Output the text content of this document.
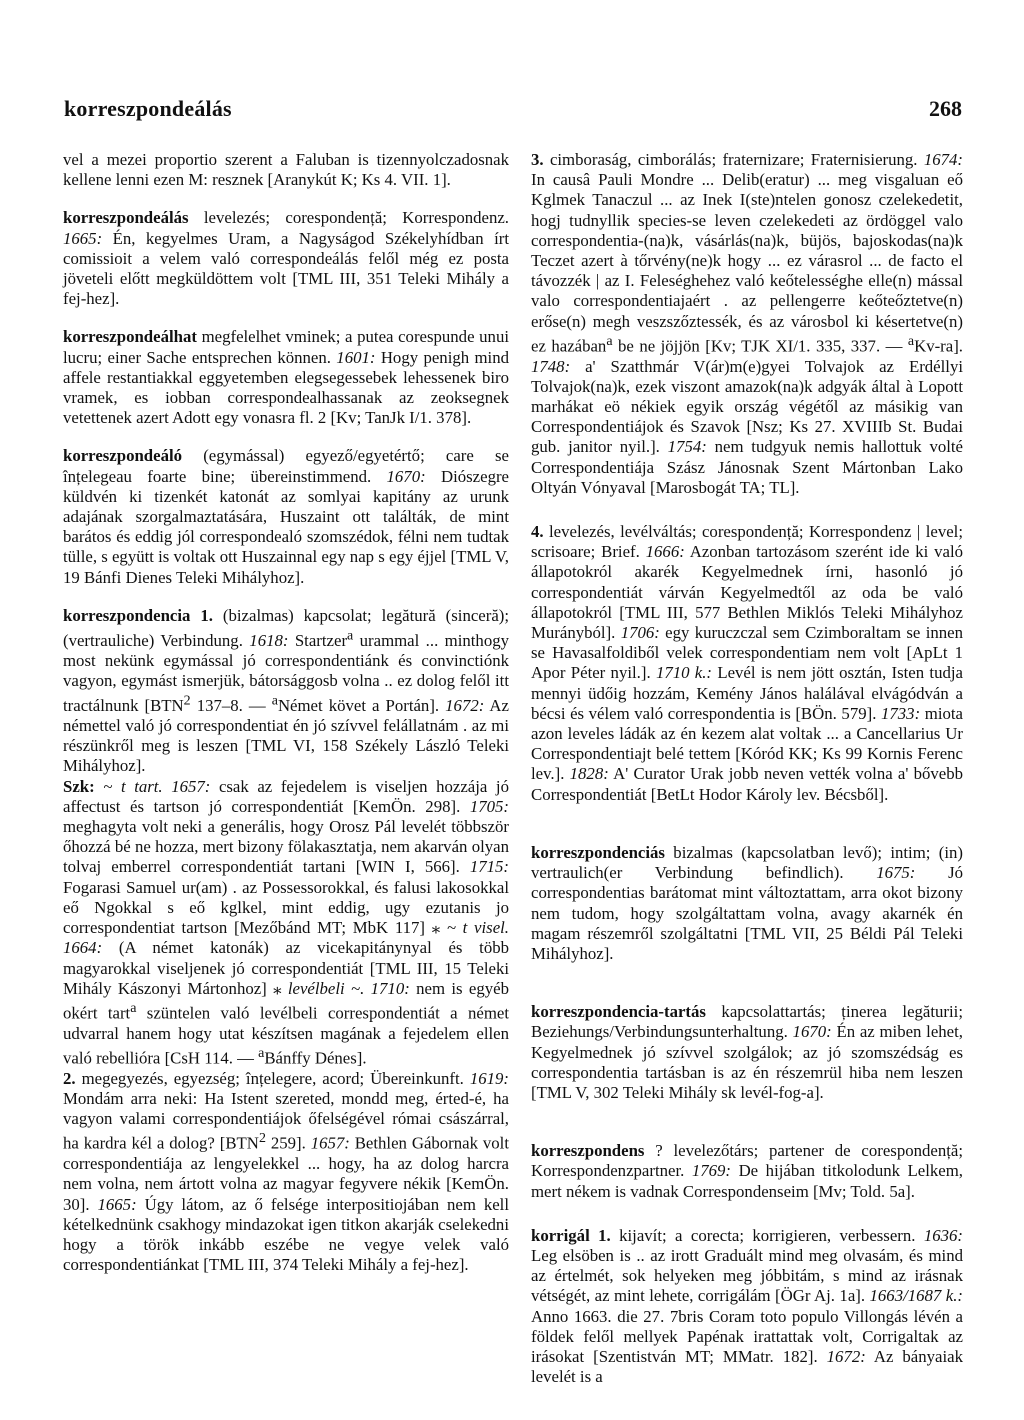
korreszpondeálás	268

vel a mezei proportio szerent a Faluban is tizennyolczadosnak kellene lenni ezen M: resznek [Aranykút K; Ks 4. VII. 1].

korreszpondeálás levelezés; corespondență; Korrespondenz. 1665: Én, kegyelmes Uram, a Nagyságod Székelyhídban írt comissioit a velem való correspondeálás felől még ez posta jöveteli előtt megküldöttem volt [TML III, 351 Teleki Mihály a fej-hez].

korreszpondeálhat megfelelhet vminek; a putea corespunde unui lucru; einer Sache entsprechen können. 1601: Hogy penigh mind affele restantiakkal eggyetemben elegsegessebek lehessenek biro vramek, es iobban correspondealhassanak az zeoksegnek vetettenek azert Adott egy vonasra fl. 2 [Kv; TanJk I/1. 378].

korreszpondeáló (egymással) egyező/egyetértő; care se înțelegeau foarte bine; übereinstimmend. 1670: Diószegre küldvén ki tizenkét katonát az somlyai kapitány az urunk adajának szorgalmaztatására, Huszaint ott találták, de mint barátos és eddig jól correspondealó szomszédok, félni nem tudtak tülle, s együtt is voltak ott Huszainnal egy nap s egy éjjel [TML V, 19 Bánfi Dienes Teleki Mihályhoz].

korreszpondencia 1. (bizalmas) kapcsolat; legătură (sinceră); (vertrauliche) Verbindung. 1618: Startzer$^a$ urammal ... minthogy most nekünk egymással jó correspondentiánk és convinctiónk vagyon, egymást ismerjük, bátorsággosb volna .. ez dolog felől itt tractálnunk [BTN$^2$ 137–8. — $^a$Német követ a Portán]. 1672: Az némettel való jó correspondentiat én jó szívvel felállatnám . az mi részünkről meg is leszen [TML VI, 158 Székely László Teleki Mihályhoz].
Szk: ~ t tart. 1657: csak az fejedelem is viseljen hozzája jó affectust és tartson jó correspondentiát [KemÖn. 298]. 1705: meghagyta volt neki a generális, hogy Orosz Pál levelét többször őhozzá bé ne hozza, mert bizony fölakasztatja, nem akarván olyan tolvaj emberrel correspondentiát tartani [WIN I, 566]. 1715: Fogarasi Samuel ur(am) . az Possessorokkal, és falusi lakosokkal eő Ngokkal s eő kglkel, mint eddig, ugy ezutanis jo correspondentiat tartson [Mezőbánd MT; MbK 117] ⁎ ~ t visel. 1664: (A német katonák) az vicekapitánynyal és több magyarokkal viseljenek jó correspondentiát [TML III, 15 Teleki Mihály Kászonyi Mártonhoz] ⁎ levélbeli ~. 1710: nem is egyéb okért tart$^a$ szüntelen való levélbeli correspondentiát a német udvarral hanem hogy utat készítsen magának a fejedelem ellen való rebellióra [CsH 114. — $^a$Bánffy Dénes].
2. megegyezés, egyezség; înțelegere, acord; Übereinkunft. 1619: Mondám arra neki: Ha Istent szereted, mondd meg, érted-é, ha vagyon valami correspondentiájok őfelségével római császárral, ha kardra kél a dolog? [BTN$^2$ 259]. 1657: Bethlen Gábornak volt correspondentiája az lengyelekkel ... hogy, ha az dolog harcra nem volna, nem ártott volna az magyar fegyvere nékik [KemÖn. 30]. 1665: Úgy látom, az ő felsége interpositiojában nem kell kételkednünk csakhogy mindazokat igen titkon akarják cselekedni hogy a török inkább eszébe ne vegye velek való correspondentiánkat [TML III, 374 Teleki Mihály a fej-hez].

3. cimboraság, cimborálás; fraternizare; Fraternisierung. 1674: In causâ Pauli Mondre ... Delib(eratur) ... meg visgaluan eő Kglmek Tanaczul ... az Inek I(ste)ntelen gonosz czelekedetit, hogj tudnyllik species-se leven czelekedeti az ördöggel valo correspondentia-(na)k, vásárlás(na)k, büjös, bajoskodas(na)k Teczet azert à tőrvény(ne)k hogy ... ez várasrol ... de facto el távozzék | az I. Feleséghehez való keőtelességhe elle(n) mással valo correspondentiajaért . az pellengerre keőteőztetve(n) erőse(n) megh veszszőztessék, és az városbol ki késertetve(n) ez hazában$^a$ be ne jöjjön [Kv; TJK XI/1. 335, 337. — $^a$Kv-ra]. 1748: a' Szatthmár V(ár)m(e)gyei Tolvajok az Erdéllyi Tolvajok(na)k, ezek viszont amazok(na)k adgyák által à Lopott marhákat eö nékiek egyik ország végétől az másikig van Correspondentiájok és Szavok [Nsz; Ks 27. XVIIIb St. Budai gub. janitor nyil.]. 1754: nem tudgyuk nemis hallottuk volté Correspondentiája Szász Jánosnak Szent Mártonban Lako Oltyán Vónyaval [Marosbogát TA; TL].

4. levelezés, levélváltás; corespondență; Korrespondenz | level; scrisoare; Brief. 1666: Azonban tartozásom szerént ide ki való állapotokról akarék Kegyelmednek írni, hasonló jó correspondentiát várván Kegyelmedtől az oda be való állapotokról [TML III, 577 Bethlen Miklós Teleki Mihályhoz Murányból]. 1706: egy kuruczczal sem Czimboraltam se innen se Havasalfoldiből velek correspondentiam nem volt [ApLt 1 Apor Péter nyil.]. 1710 k.: Levél is nem jött osztán, Isten tudja mennyi üdőig hozzám, Kemény János halálával elvágódván a bécsi és vélem való correspondentia is [BÖn. 579]. 1733: miota azon leveles ládák az én kezem alat voltak ... a Cancellarius Ur Correspondentiajt belé tettem [Kóród KK; Ks 99 Kornis Ferenc lev.]. 1828: A' Curator Urak jobb neven vették volna a' bővebb Correspondentiát [BetLt Hodor Károly lev. Bécsből].

korreszpondenciás bizalmas (kapcsolatban levő); intim; (in) vertraulich(er Verbindung befindlich). 1675: Jó correspondentias barátomat mint változtattam, arra okot bizony nem tudom, hogy szolgáltattam volna, avagy akarnék én magam részemről szolgáltatni [TML VII, 25 Béldi Pál Teleki Mihályhoz].

korreszpondencia-tartás kapcsolattartás; ținerea legăturii; Beziehungs/Verbindungsunterhaltung. 1670: Én az miben lehet, Kegyelmednek jó szívvel szolgálok; az jó szomszédság es correspondentia tartásban is az én részemrül hiba nem leszen [TML V, 302 Teleki Mihály sk levél-fog-a].

korreszpondens ? levelezőtárs; partener de corespondență; Korrespondenzpartner. 1769: De hijában titkolodunk Lelkem, mert nékem is vadnak Correspondenseim [Mv; Told. 5a].

korrigál 1. kijavít; a corecta; korrigieren, verbessern. 1636: Leg elsöben is .. az irott Graduált mind meg olvasám, és mind az értelmét, sok helyeken meg jóbbitám, s mind az irásnak vétségét, az mint lehete, corrigálám [ÖGr Aj. 1a]. 1663/1687 k.: Anno 1663. die 27. 7bris Coram toto populo Villongás lévén a földek felől mellyek Papénak irattattak volt, Corrigaltak az irásokat [Szentistván MT; MMatr. 182]. 1672: Az bányaiak levelét is a
